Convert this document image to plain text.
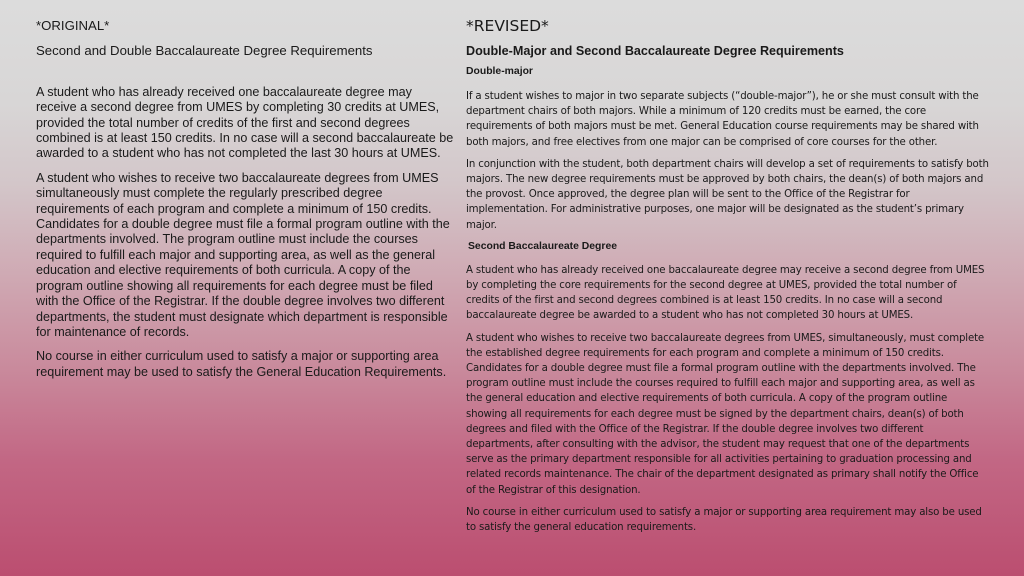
*ORIGINAL*
Second and Double Baccalaureate Degree Requirements

A student who has already received one baccalaureate degree may receive a second degree from UMES by completing 30 credits at UMES, provided the total number of credits of the first and second degrees combined is at least 150 credits. In no case will a second baccalaureate be awarded to a student who has not completed the last 30 hours at UMES.

A student who wishes to receive two baccalaureate degrees from UMES simultaneously must complete the regularly prescribed degree requirements of each program and complete a minimum of 150 credits. Candidates for a double degree must file a formal program outline with the departments involved. The program outline must include the courses required to fulfill each major and supporting area, as well as the general education and elective requirements of both curricula. A copy of the program outline showing all requirements for each degree must be filed with the Office of the Registrar. If the double degree involves two different departments, the student must designate which department is responsible for maintenance of records.

No course in either curriculum used to satisfy a major or supporting area requirement may be used to satisfy the General Education Requirements.

*REVISED*
Double-Major and Second Baccalaureate Degree Requirements
Double-major

If a student wishes to major in two separate subjects (“double-major”), he or she must consult with the department chairs of both majors. While a minimum of 120 credits must be earned, the core requirements of both majors must be met. General Education course requirements may be shared with both majors, and free electives from one major can be comprised of core courses for the other.

In conjunction with the student, both department chairs will develop a set of requirements to satisfy both majors. The new degree requirements must be approved by both chairs, the dean(s) of both majors and the provost. Once approved, the degree plan will be sent to the Office of the Registrar for implementation. For administrative purposes, one major will be designated as the student’s primary major.

Second Baccalaureate Degree

A student who has already received one baccalaureate degree may receive a second degree from UMES by completing the core requirements for the second degree at UMES, provided the total number of credits of the first and second degrees combined is at least 150 credits. In no case will a second baccalaureate degree be awarded to a student who has not completed 30 hours at UMES.

A student who wishes to receive two baccalaureate degrees from UMES, simultaneously, must complete the established degree requirements for each program and complete a minimum of 150 credits. Candidates for a double degree must file a formal program outline with the departments involved. The program outline must include the courses required to fulfill each major and supporting area, as well as the general education and elective requirements of both curricula. A copy of the program outline showing all requirements for each degree must be signed by the department chairs, dean(s) of both degrees and filed with the Office of the Registrar. If the double degree involves two different departments, after consulting with the advisor, the student may request that one of the departments serve as the primary department responsible for all activities pertaining to graduation processing and related records maintenance. The chair of the department designated as primary shall notify the Office of the Registrar of this designation.

No course in either curriculum used to satisfy a major or supporting area requirement may also be used to satisfy the general education requirements.
